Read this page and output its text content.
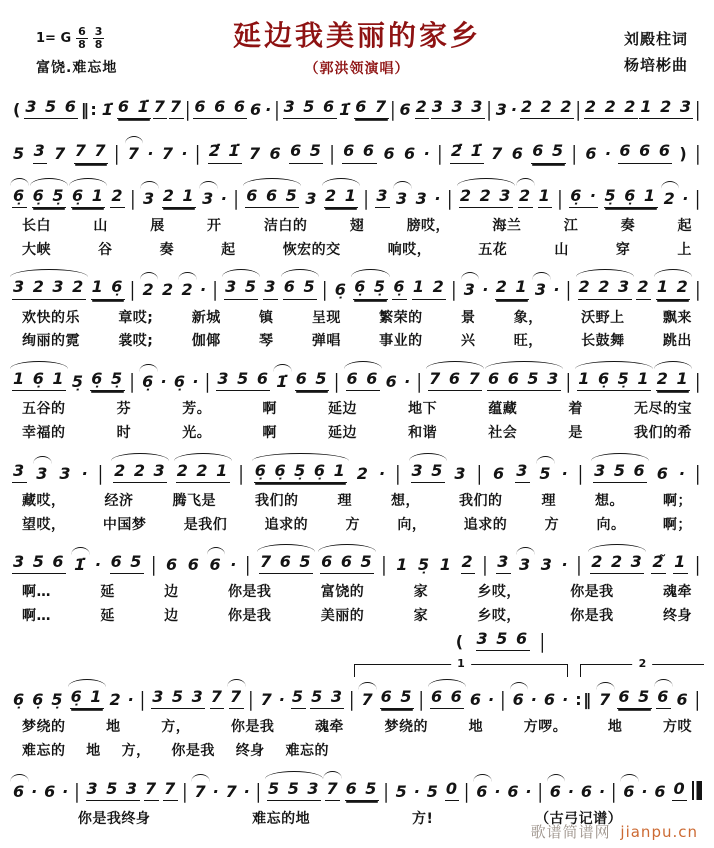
1= G $\frac{6}{8} \frac{3}{8}$
富饶.难忘地
延边我美丽的家乡
（郭洪领演唱）
刘殿柱词
杨培彬曲
( 3 5 6 ‖: 1̇ 6 1̇ 7 7 | 6 6 6 6 · | 3 5 6 1̇ 6 7 | 6 2 3 3 3 | 3 · 2 2 2 | 2 2 2 1 2 3 |
5 3 7 7 7 | 7 · 7 · | 2̇ 1̇ 7 6 6 5 | 6 6 6 6 · | 2̇ 1̇ 7 6 6 5 | 6 · 6 6 6 ) |
6̣ 6̣ 5̣ 6̣ 1 2 | 3 2 1 3 · | 6 6 5 3 2 1 | 3 3 3 · | 2 2 3 2 1 | 6̣ · 5̣ 6̣ 1 2 · |
长白	山	展	开	洁白的	翅	膀哎，	海兰	江	奏	起
大峡	谷	奏	起	恢宏的交	响哎，	五花	山	穿	上
3 2 3 2 1 6̣ | 2 2 2 · | 3 5 3 6 5 | 6̣ 6̣ 5̣ 6̣ 1 2 | 3 · 2 1 3 · | 2 2 3 2 1 2 |
欢快的乐	章哎;	新城	镇	呈现	繁荣的	景	象，	沃野上	飘来
绚丽的霓	裳哎;	伽倻	琴	弹唱	事业的	兴	旺，	长鼓舞	跳出
1 6̣ 1 5̣ 6̣ 5̣ | 6̣ · 6̣ · | 3 5 6 1̇ 6 5 | 6 6 6 · | 7 6 7 6 6 5 3 | 1 6̣ 5̣ 1 2 1 |
五谷的	芬	芳。	啊	延边	地下	蕴藏	着	无尽的宝
幸福的	时	光。	啊	延边	和谐	社会	是	我们的希
3 3 3 · | 2 2 3 2 2 1 | 6̣ 6̣ 5̣ 6̣ 1 2 · | 3 5 3 | 6 3 5 · | 3 5 6 6 · |
藏哎，	经济	腾飞是	我们的	理	想，	我们的	理	想。	啊；
望哎，	中国梦	是我们	追求的	方	向，	追求的	方	向。	啊；
3 5 6 1̇ · 6 5 | 6 6 6 · | 7 6 5 6 6 5 | 1 5̣ 1 2 | 3 3 3 · | 2 2 3 2̃ 1 |
啊…	延	边	你是我	富饶的	家	乡哎，	你是我	魂牵
啊…	延	边	你是我	美丽的	家	乡哎，	你是我	终身
( 3 5 6 |
1	2
6̣ 6̣ 5̣ 6̣ 1 2 · | 3 5 3 7 7 | 7 · 5 5 3 | 7 6 5 | 6 6 6 · | 6 · 6 · :‖ 7 6 5 6 6 |
梦绕的	地	方，	你是我	魂牵	梦绕的	地	方啰。	地	方哎
难忘的 地 方， 你是我 终身 难忘的
6 · 6 · | 3 5 3 7 7 | 7 · 7 · | 5 5 3 7 6 5 | 5 · 5 0 | 6 · 6 · | 6 · 6 · | 6 · 6 0
你是我终身	难忘的地	方!	（古弓记谱）
歌谱简谱网 jianpu.cn
